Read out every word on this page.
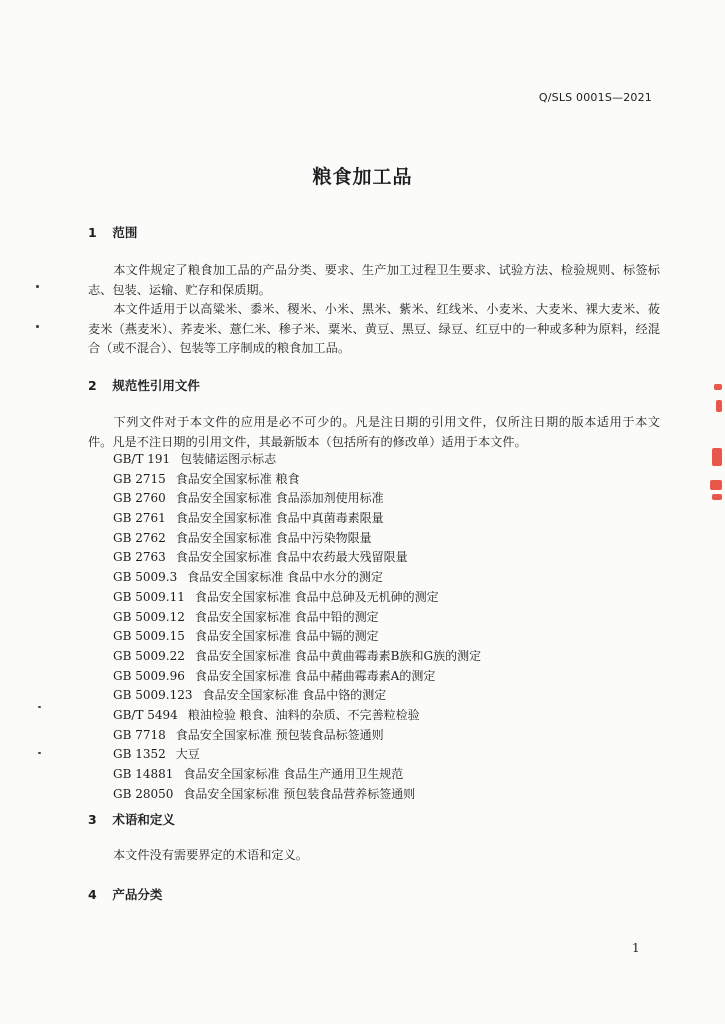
Q/SLS 0001S—2021
粮食加工品
1 范围
本文件规定了粮食加工品的产品分类、要求、生产加工过程卫生要求、试验方法、检验规则、标签标志、包装、运输、贮存和保质期。
本文件适用于以高粱米、黍米、稷米、小米、黑米、紫米、红线米、小麦米、大麦米、裸大麦米、莜麦米（燕麦米）、荞麦米、薏仁米、䅟子米、粟米、黄豆、黑豆、绿豆、红豆中的一种或多种为原料，经混合（或不混合）、包装等工序制成的粮食加工品。
2 规范性引用文件
下列文件对于本文件的应用是必不可少的。凡是注日期的引用文件，仅所注日期的版本适用于本文件。凡是不注日期的引用文件，其最新版本（包括所有的修改单）适用于本文件。
GB/T 191 包装储运图示标志
GB 2715 食品安全国家标准 粮食
GB 2760 食品安全国家标准 食品添加剂使用标准
GB 2761 食品安全国家标准 食品中真菌毒素限量
GB 2762 食品安全国家标准 食品中污染物限量
GB 2763 食品安全国家标准 食品中农药最大残留限量
GB 5009.3 食品安全国家标准 食品中水分的测定
GB 5009.11 食品安全国家标准 食品中总砷及无机砷的测定
GB 5009.12 食品安全国家标准 食品中铅的测定
GB 5009.15 食品安全国家标准 食品中镉的测定
GB 5009.22 食品安全国家标准 食品中黄曲霉毒素B族和G族的测定
GB 5009.96 食品安全国家标准 食品中赭曲霉毒素A的测定
GB 5009.123 食品安全国家标准 食品中铬的测定
GB/T 5494 粮油检验 粮食、油料的杂质、不完善粒检验
GB 7718 食品安全国家标准 预包装食品标签通则
GB 1352 大豆
GB 14881 食品安全国家标准 食品生产通用卫生规范
GB 28050 食品安全国家标准 预包装食品营养标签通则
3 术语和定义
本文件没有需要界定的术语和定义。
4 产品分类
1
